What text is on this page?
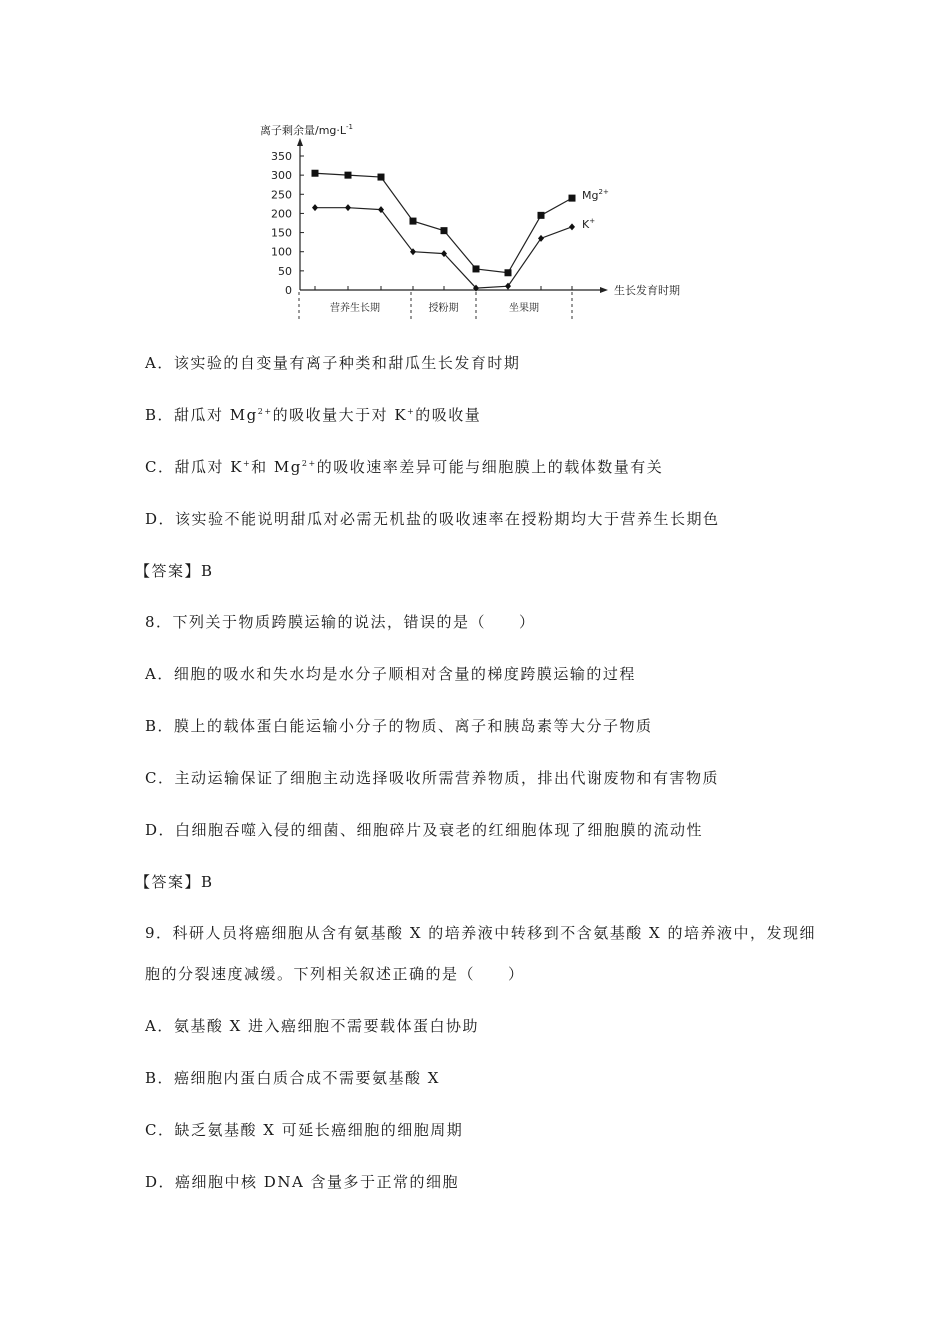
离子剩余量$/mg\cdot L^{-1}$
0
50
100
150
200
250
300
350
生长发育时期
营养生长期	授粉期	坐果期
$Mg^{2+}$
K+
A．该实验的自变量有离子种类和甜瓜生长发育时期
B．甜瓜对 $Mg^{2+}$的吸收量大于对 K+的吸收量
C．甜瓜对 K+和 $Mg^{2+}$的吸收速率差异可能与细胞膜上的载体数量有关
D．该实验不能说明甜瓜对必需无机盐的吸收速率在授粉期均大于营养生长期色
【答案】B
8．下列关于物质跨膜运输的说法，错误的是（　　）
A．细胞的吸水和失水均是水分子顺相对含量的梯度跨膜运输的过程
B．膜上的载体蛋白能运输小分子的物质、离子和胰岛素等大分子物质
C．主动运输保证了细胞主动选择吸收所需营养物质，排出代谢废物和有害物质
D．白细胞吞噬入侵的细菌、细胞碎片及衰老的红细胞体现了细胞膜的流动性
【答案】B
9．科研人员将癌细胞从含有氨基酸 X 的培养液中转移到不含氨基酸 X 的培养液中，发现细
胞的分裂速度减缓。下列相关叙述正确的是（　　）
A．氨基酸 X 进入癌细胞不需要载体蛋白协助
B．癌细胞内蛋白质合成不需要氨基酸 X
C．缺乏氨基酸 X 可延长癌细胞的细胞周期
D．癌细胞中核 DNA 含量多于正常的细胞
